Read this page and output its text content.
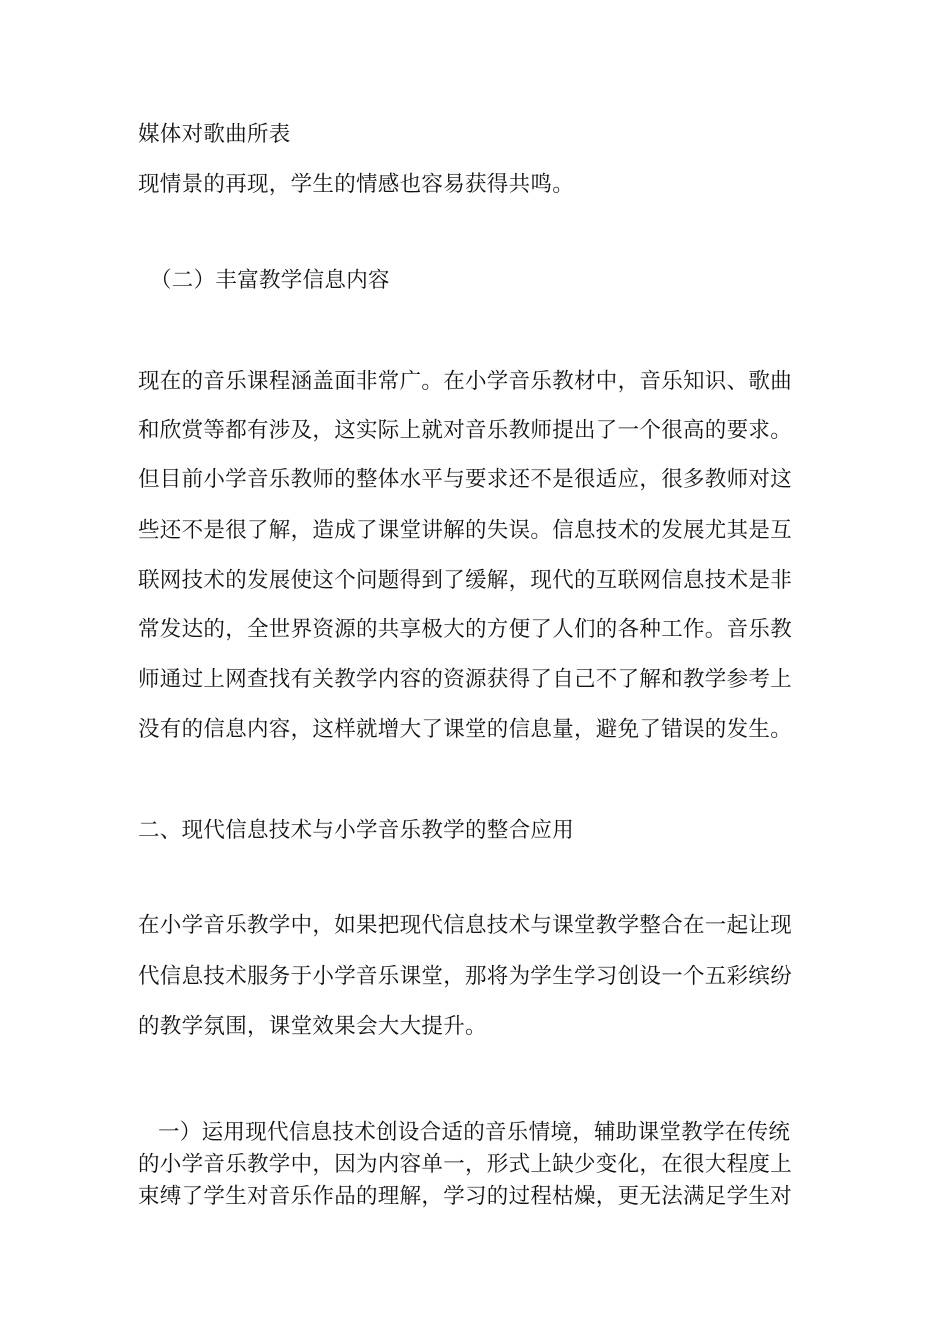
媒体对歌曲所表
现情景的再现，学生的情感也容易获得共鸣。
（二）丰富教学信息内容
现在的音乐课程涵盖面非常广。在小学音乐教材中，音乐知识、歌曲
和欣赏等都有涉及，这实际上就对音乐教师提出了一个很高的要求。
但目前小学音乐教师的整体水平与要求还不是很适应，很多教师对这
些还不是很了解，造成了课堂讲解的失误。信息技术的发展尤其是互
联网技术的发展使这个问题得到了缓解，现代的互联网信息技术是非
常发达的，全世界资源的共享极大的方便了人们的各种工作。音乐教
师通过上网查找有关教学内容的资源获得了自己不了解和教学参考上
没有的信息内容，这样就增大了课堂的信息量，避免了错误的发生。
二、现代信息技术与小学音乐教学的整合应用
在小学音乐教学中，如果把现代信息技术与课堂教学整合在一起让现
代信息技术服务于小学音乐课堂，那将为学生学习创设一个五彩缤纷
的教学氛围，课堂效果会大大提升。
一）运用现代信息技术创设合适的音乐情境，辅助课堂教学在传统
的小学音乐教学中，因为内容单一，形式上缺少变化，在很大程度上
束缚了学生对音乐作品的理解，学习的过程枯燥，更无法满足学生对
